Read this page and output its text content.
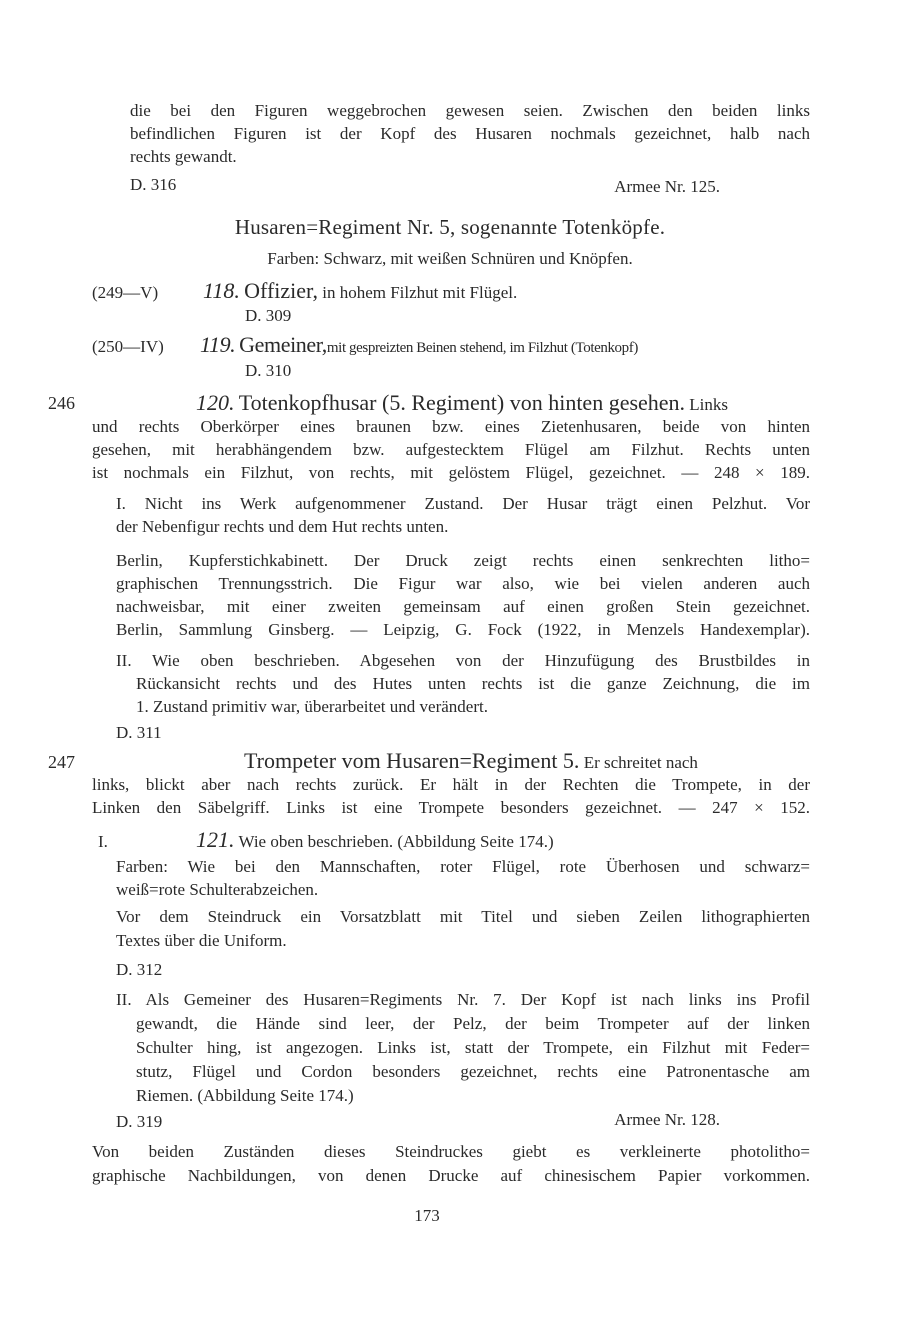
die bei den Figuren weggebrochen gewesen seien. Zwischen den beiden links
befindlichen Figuren ist der Kopf des Husaren nochmals gezeichnet, halb nach
rechts gewandt.
D. 316	Armee Nr. 125.
Husaren=Regiment Nr. 5, sogenannte Totenköpfe.
Farben: Schwarz, mit weißen Schnüren und Knöpfen.
(249—V) 118. Offizier, in hohem Filzhut mit Flügel.
D. 309
(250—IV) 119. Gemeiner,mit gespreizten Beinen stehend, im Filzhut (Totenkopf)
D. 310
246	120. Totenkopfhusar (5. Regiment) von hinten gesehen. Links
und rechts Oberkörper eines braunen bzw. eines Zietenhusaren, beide von hinten
gesehen, mit herabhängendem bzw. aufgestecktem Flügel am Filzhut. Rechts unten
ist nochmals ein Filzhut, von rechts, mit gelöstem Flügel, gezeichnet. — 248 × 189.
I. Nicht ins Werk aufgenommener Zustand. Der Husar trägt einen Pelzhut. Vor
der Nebenfigur rechts und dem Hut rechts unten.
Berlin, Kupferstichkabinett. Der Druck zeigt rechts einen senkrechten litho=
graphischen Trennungsstrich. Die Figur war also, wie bei vielen anderen auch
nachweisbar, mit einer zweiten gemeinsam auf einen großen Stein gezeichnet.
Berlin, Sammlung Ginsberg. — Leipzig, G. Fock (1922, in Menzels Handexemplar).
II. Wie oben beschrieben. Abgesehen von der Hinzufügung des Brustbildes in
Rückansicht rechts und des Hutes unten rechts ist die ganze Zeichnung, die im
1. Zustand primitiv war, überarbeitet und verändert.
D. 311
247	Trompeter vom Husaren=Regiment 5. Er schreitet nach
links, blickt aber nach rechts zurück. Er hält in der Rechten die Trompete, in der
Linken den Säbelgriff. Links ist eine Trompete besonders gezeichnet. — 247 × 152.
I.	121. Wie oben beschrieben. (Abbildung Seite 174.)
Farben: Wie bei den Mannschaften, roter Flügel, rote Überhosen und schwarz=
weiß=rote Schulterabzeichen.
Vor dem Steindruck ein Vorsatzblatt mit Titel und sieben Zeilen lithographierten
Textes über die Uniform.
D. 312
II. Als Gemeiner des Husaren=Regiments Nr. 7. Der Kopf ist nach links ins Profil
gewandt, die Hände sind leer, der Pelz, der beim Trompeter auf der linken
Schulter hing, ist angezogen. Links ist, statt der Trompete, ein Filzhut mit Feder=
stutz, Flügel und Cordon besonders gezeichnet, rechts eine Patronentasche am
Riemen. (Abbildung Seite 174.)
D. 319	Armee Nr. 128.
Von beiden Zuständen dieses Steindruckes giebt es verkleinerte photolitho=
graphische Nachbildungen, von denen Drucke auf chinesischem Papier vorkommen.
173
